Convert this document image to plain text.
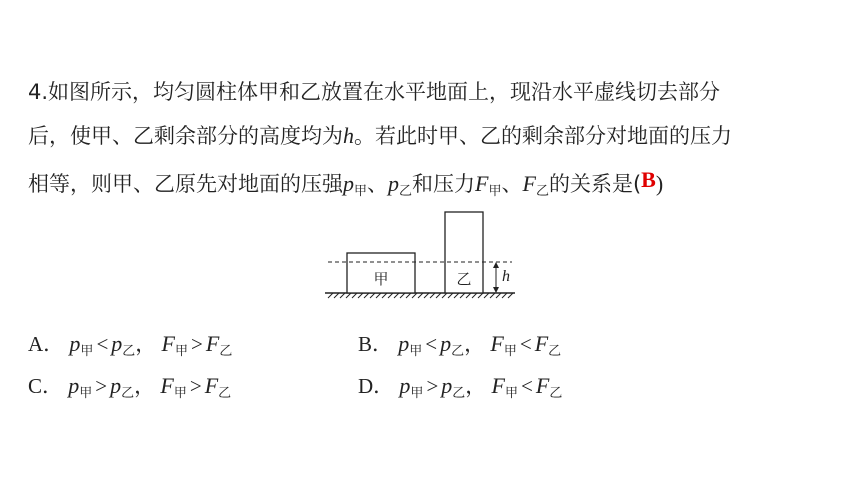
4.如图所示，均匀圆柱体甲和乙放置在水平地面上，现沿水平虚线切去部分
后，使甲、乙剩余部分的高度均为h。若此时甲、乙的剩余部分对地面的压力
相等，则甲、乙原先对地面的压强$p_甲$、$p_乙$和压力$F_甲$、$F_乙$的关系是(B)
甲	乙 h
A． $p_甲 < p_乙$， $F_甲 > F_乙$	B． $p_甲 < p_乙$， $F_甲 < F_乙$
C． $p_甲 > p_乙$， $F_甲 > F_乙$	D． $p_甲 > p_乙$， $F_甲 < F_乙$
